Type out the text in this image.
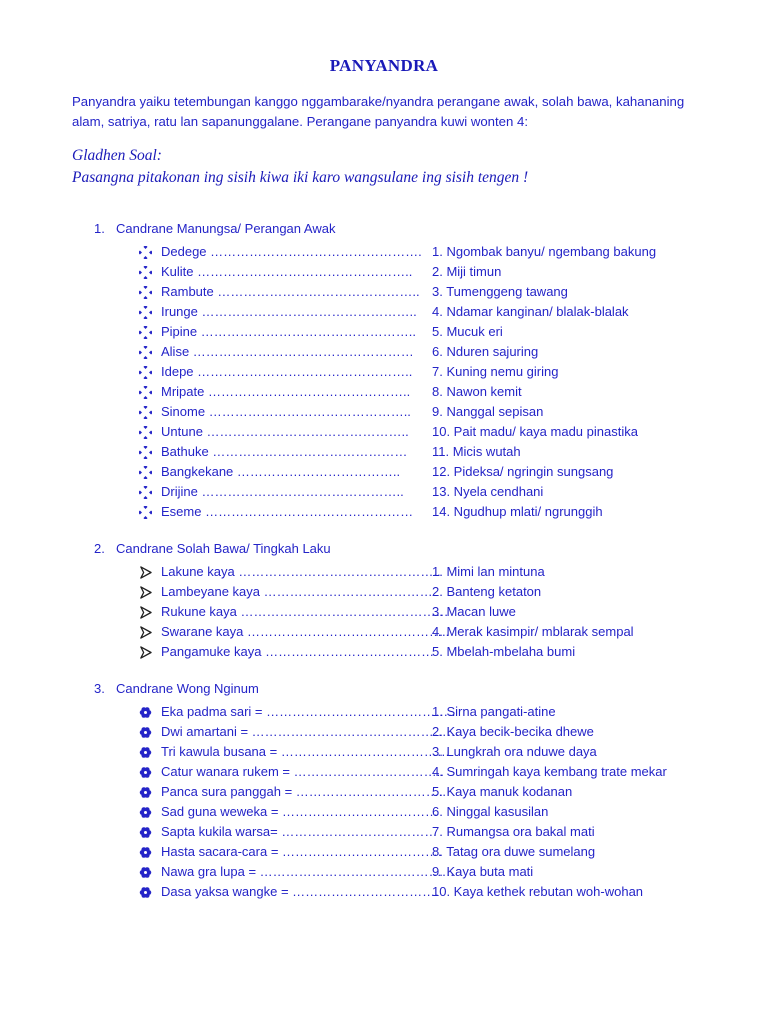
PANYANDRA

Panyandra yaiku tetembungan kanggo nggambarake/nyandra perangane awak, solah bawa, kahananing

alam, satriya, ratu lan sapanunggalane. Perangane panyandra kuwi wonten 4:

Gladhen Soal:

Pasangna pitakonan ing sisih kiwa iki karo wangsulane ing sisih tengen !

1. Candrane Manungsa/ Perangan Awak
Dedege …………………………………………. 1. Ngombak banyu/ ngembang bakung
Kulite ………………………………………….. 2. Miji timun
Rambute ……………………………………….. 3. Tumenggeng tawang
Irunge ………………………………………….. 4. Ndamar kanginan/ blalak-blalak
Pipine ………………………………………….. 5. Mucuk eri
Alise …………………………………………… 6. Nduren sajuring
Idepe ………………………………………….. 7. Kuning nemu giring
Mripate ……………………………………….. 8. Nawon kemit
Sinome ……………………………………….. 9. Nanggal sepisan
Untune ……………………………………….. 10. Pait madu/ kaya madu pinastika
Bathuke ……………………………………… 11. Micis wutah
Bangkekane ……………………………….. 12. Pideksa/ ngringin sungsang
Drijine ……………………………………….. 13. Nyela cendhani
Eseme ………………………………………… 14. Ngudhup mlati/ ngrunggih
2. Candrane Solah Bawa/ Tingkah Laku
Lakune kaya ………………………………………..
1. Mimi lan mintuna
Lambeyane kaya ………………………………… 2. Banteng ketaton
Rukune kaya …………………………………………
3. Macan luwe
Swarane kaya ………………………………………..
4. Merak kasimpir/ mblarak sempal
Pangamuke kaya …………………………………
5. Mbelah-mbelaha bumi
3. Candrane Wong Nginum
Eka padma sari = ……………………………………..
1. Sirna pangati-atine
Dwi amartani = …………………………………………
2. Kaya becik-becika dhewe
Tri kawula busana = …………………………………
3. Lungkrah ora nduwe daya
Catur wanara rukem = ……………………………..
4. Sumringah kaya kembang trate mekar
Panca sura panggah = ……………………………..
5. Kaya manuk kodanan
Sad guna weweka = ………………………………
6. Ninggal kasusilan
Sapta kukila warsa= ………………………………
7. Rumangsa ora bakal mati
Hasta sacara-cara = ……………………………….
8. Tatag ora duwe sumelang
Nawa gra lupa = ………………………………………
9. Kaya buta mati
Dasa yaksa wangke = …………………………….
10. Kaya kethek rebutan woh-wohan
